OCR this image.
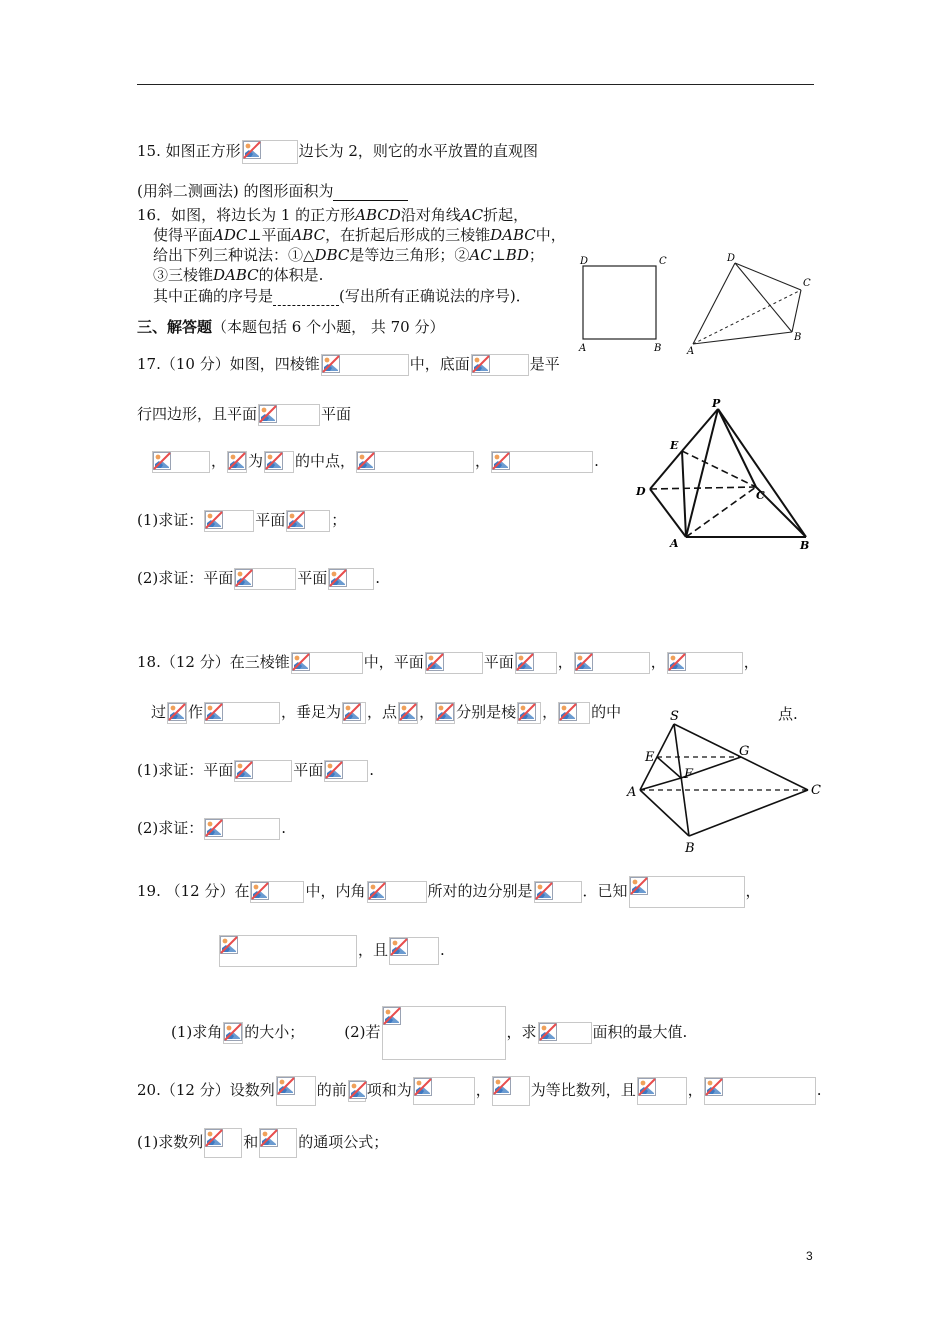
15. 如图正方形	边长为 2，则它的水平放置的直观图
(用斜二测画法) 的图形面积为
16．如图，将边长为 1 的正方形ABCD沿对角线AC折起，
使得平面ADC⊥平面ABC，在折起后形成的三棱锥DABC中，
给出下列三种说法：①△DBC是等边三角形；②AC⊥BD；
③三棱锥DABC的体积是.
其中正确的序号是	(写出所有正确说法的序号)．
D	C
A	B
D
C
A
B
三、解答题（本题包括 6 个小题， 共 70 分）
17.（10 分）如图，四棱锥	中，底面	是平
行四边形，且平面	平面
， 为 的中点，	，	.
(1)求证：	平面	；
(2)求证：平面	平面	.
P
E
D	C
A	B
18.（12 分）在三棱锥	中，平面	平面	，	，	，
过 作	，垂足为 ，点 ， 分别是棱 ， 的中	点.
(1)求证：平面	平面	.
(2)求证：	.
S
E	G
F
A	C
B
19. （12 分）在	中，内角	所对的边分别是	．已知	，
，且	.
(1)求角 的大小；	(2)若	，求	面积的最大值.
20.（12 分）设数列	的前 项和为	，	为等比数列，且	，	.
(1)求数列	和	的通项公式；
3
